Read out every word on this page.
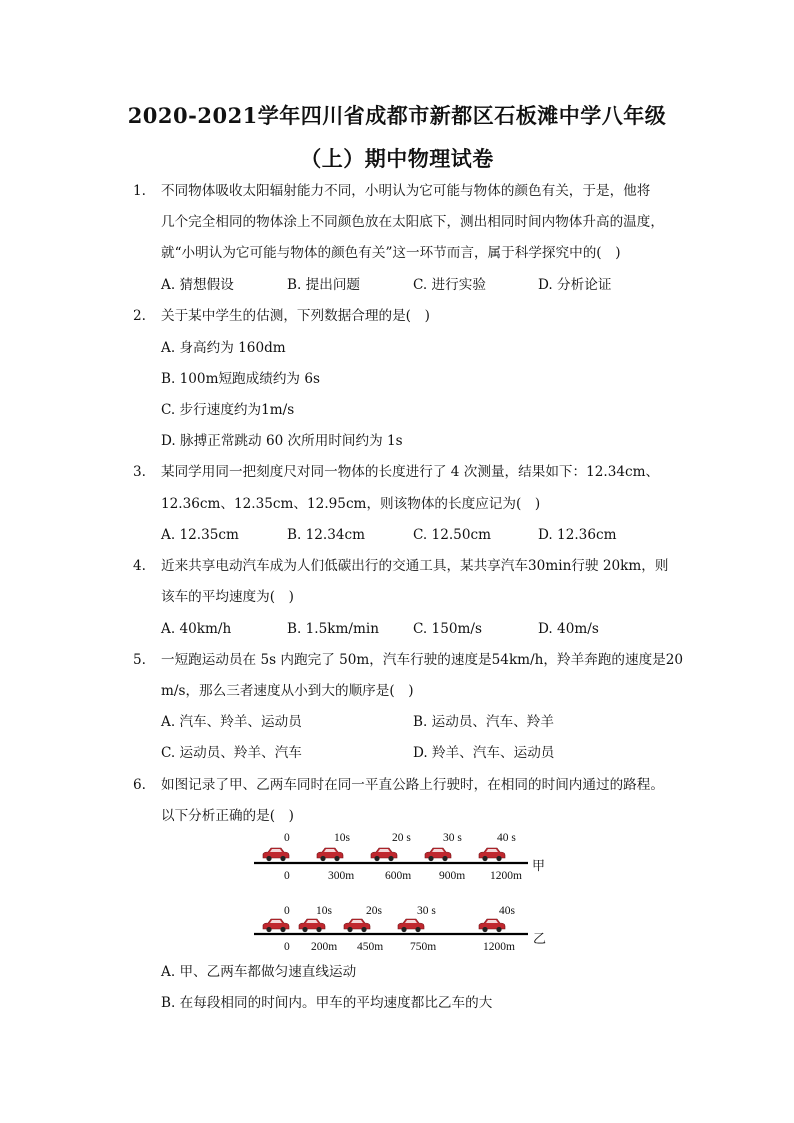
2020-2021学年四川省成都市新都区石板滩中学八年级
（上）期中物理试卷
1. 不同物体吸收太阳辐射能力不同，小明认为它可能与物体的颜色有关，于是，他将
几个完全相同的物体涂上不同颜色放在太阳底下，测出相同时间内物体升高的温度，
就“小明认为它可能与物体的颜色有关”这一环节而言，属于科学探究中的(　)
A. 猜想假设	B. 提出问题	C. 进行实验	D. 分析论证
2. 关于某中学生的估测，下列数据合理的是(　)
A. 身高约为 160dm
B. 100m短跑成绩约为 6s
C. 步行速度约为1m/s
D. 脉搏正常跳动 60 次所用时间约为 1s
3. 某同学用同一把刻度尺对同一物体的长度进行了 4 次测量，结果如下：12.34cm、
12.36cm、12.35cm、12.95cm，则该物体的长度应记为(　)
A. 12.35cm	B. 12.34cm	C. 12.50cm	D. 12.36cm
4. 近来共享电动汽车成为人们低碳出行的交通工具，某共享汽车30min行驶 20km，则
该车的平均速度为(　)
A. 40km/h	B. 1.5km/min	C. 150m/s	D. 40m/s
5. 一短跑运动员在 5s 内跑完了 50m，汽车行驶的速度是54km/h，羚羊奔跑的速度是20
m/s，那么三者速度从小到大的顺序是(　)
A. 汽车、羚羊、运动员	B. 运动员、汽车、羚羊
C. 运动员、羚羊、汽车	D. 羚羊、汽车、运动员
6. 如图记录了甲、乙两车同时在同一平直公路上行驶时，在相同的时间内通过的路程。
以下分析正确的是(　)
0	10s	20 s	30 s	40 s
0	300m	600m 900m 1200m
甲
0 10s	20s	30 s	40s
0 200m 450m 750m	1200m 乙
A. 甲、乙两车都做匀速直线运动
B. 在每段相同的时间内。甲车的平均速度都比乙车的大
